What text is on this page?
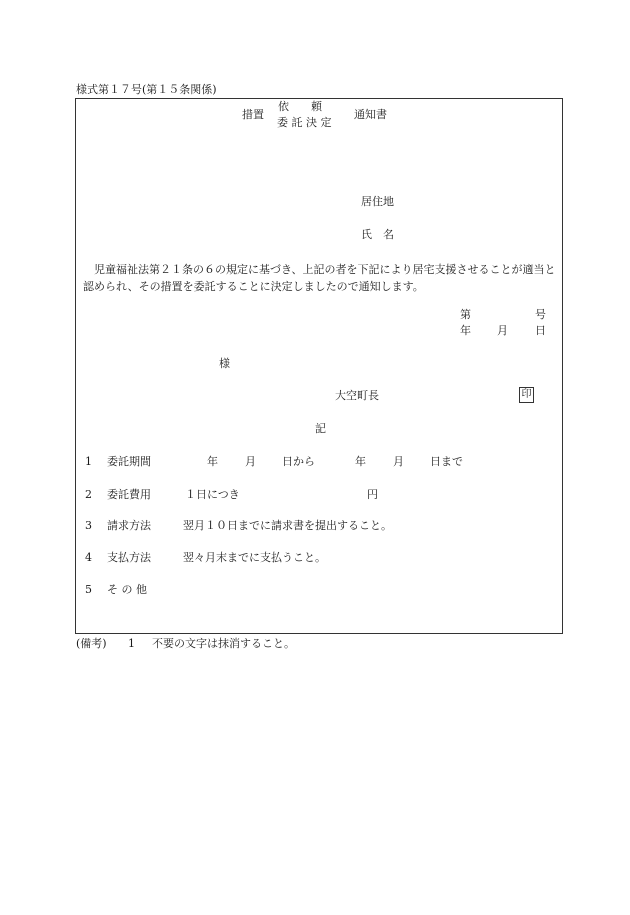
様式第１７号(第１５条関係)
措置
依　　頼
委 託 決 定
通知書
居住地
氏　名
児童福祉法第２１条の６の規定に基づき、上記の者を下記により居宅支援させることが適当と認められ、その措置を委託することに決定しましたので通知します。
第	号
年 月 日
様
大空町長	印
記
1 委託期間	年 月 日から	年 月 日まで
2 委託費用	１日につき	円
3 請求方法	翌月１０日までに請求書を提出すること。
4 支払方法	翌々月末までに支払うこと。
5 そ の 他
(備考) 1 不要の文字は抹消すること。
